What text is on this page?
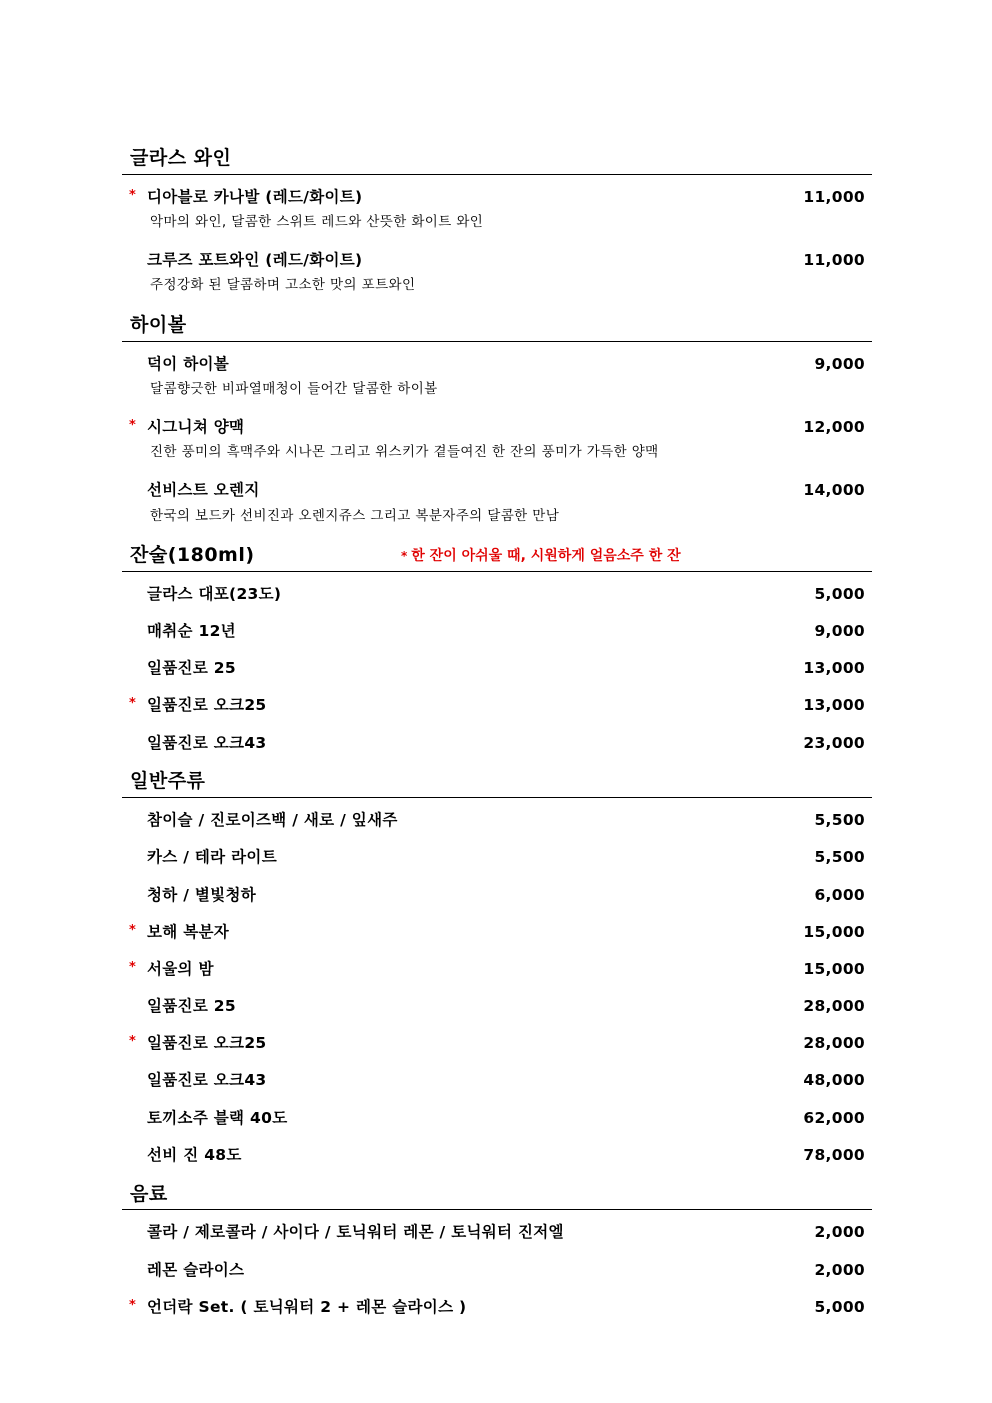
글라스 와인
* 디아블로 카나발 (레드/화이트)	11,000
악마의 와인, 달콤한 스위트 레드와 산뜻한 화이트 와인
크루즈 포트와인 (레드/화이트)	11,000
주정강화 된 달콤하며 고소한 맛의 포트와인
하이볼
덕이 하이볼	9,000
달콤향긋한 비파열매청이 들어간 달콤한 하이볼
* 시그니쳐 양맥	12,000
진한 풍미의 흑맥주와 시나몬 그리고 위스키가 곁들여진 한 잔의 풍미가 가득한 양맥
선비스트 오렌지	14,000
한국의 보드카 선비진과 오렌지쥬스 그리고 복분자주의 달콤한 만남
잔술(180ml)	* 한 잔이 아쉬울 때, 시원하게 얼음소주 한 잔
글라스 대포(23도)	5,000
매취순 12년	9,000
일품진로 25	13,000
* 일품진로 오크25	13,000
일품진로 오크43	23,000
일반주류
참이슬 / 진로이즈백 / 새로 / 잎새주	5,500
카스 / 테라 라이트	5,500
청하 / 별빛청하	6,000
* 보해 복분자	15,000
* 서울의 밤	15,000
일품진로 25	28,000
* 일품진로 오크25	28,000
일품진로 오크43	48,000
토끼소주 블랙 40도	62,000
선비 진 48도	78,000
음료
콜라 / 제로콜라 / 사이다 / 토닉워터 레몬 / 토닉워터 진저엘	2,000
레몬 슬라이스	2,000
* 언더락 Set. ( 토닉워터 2 + 레몬 슬라이스 )	5,000
